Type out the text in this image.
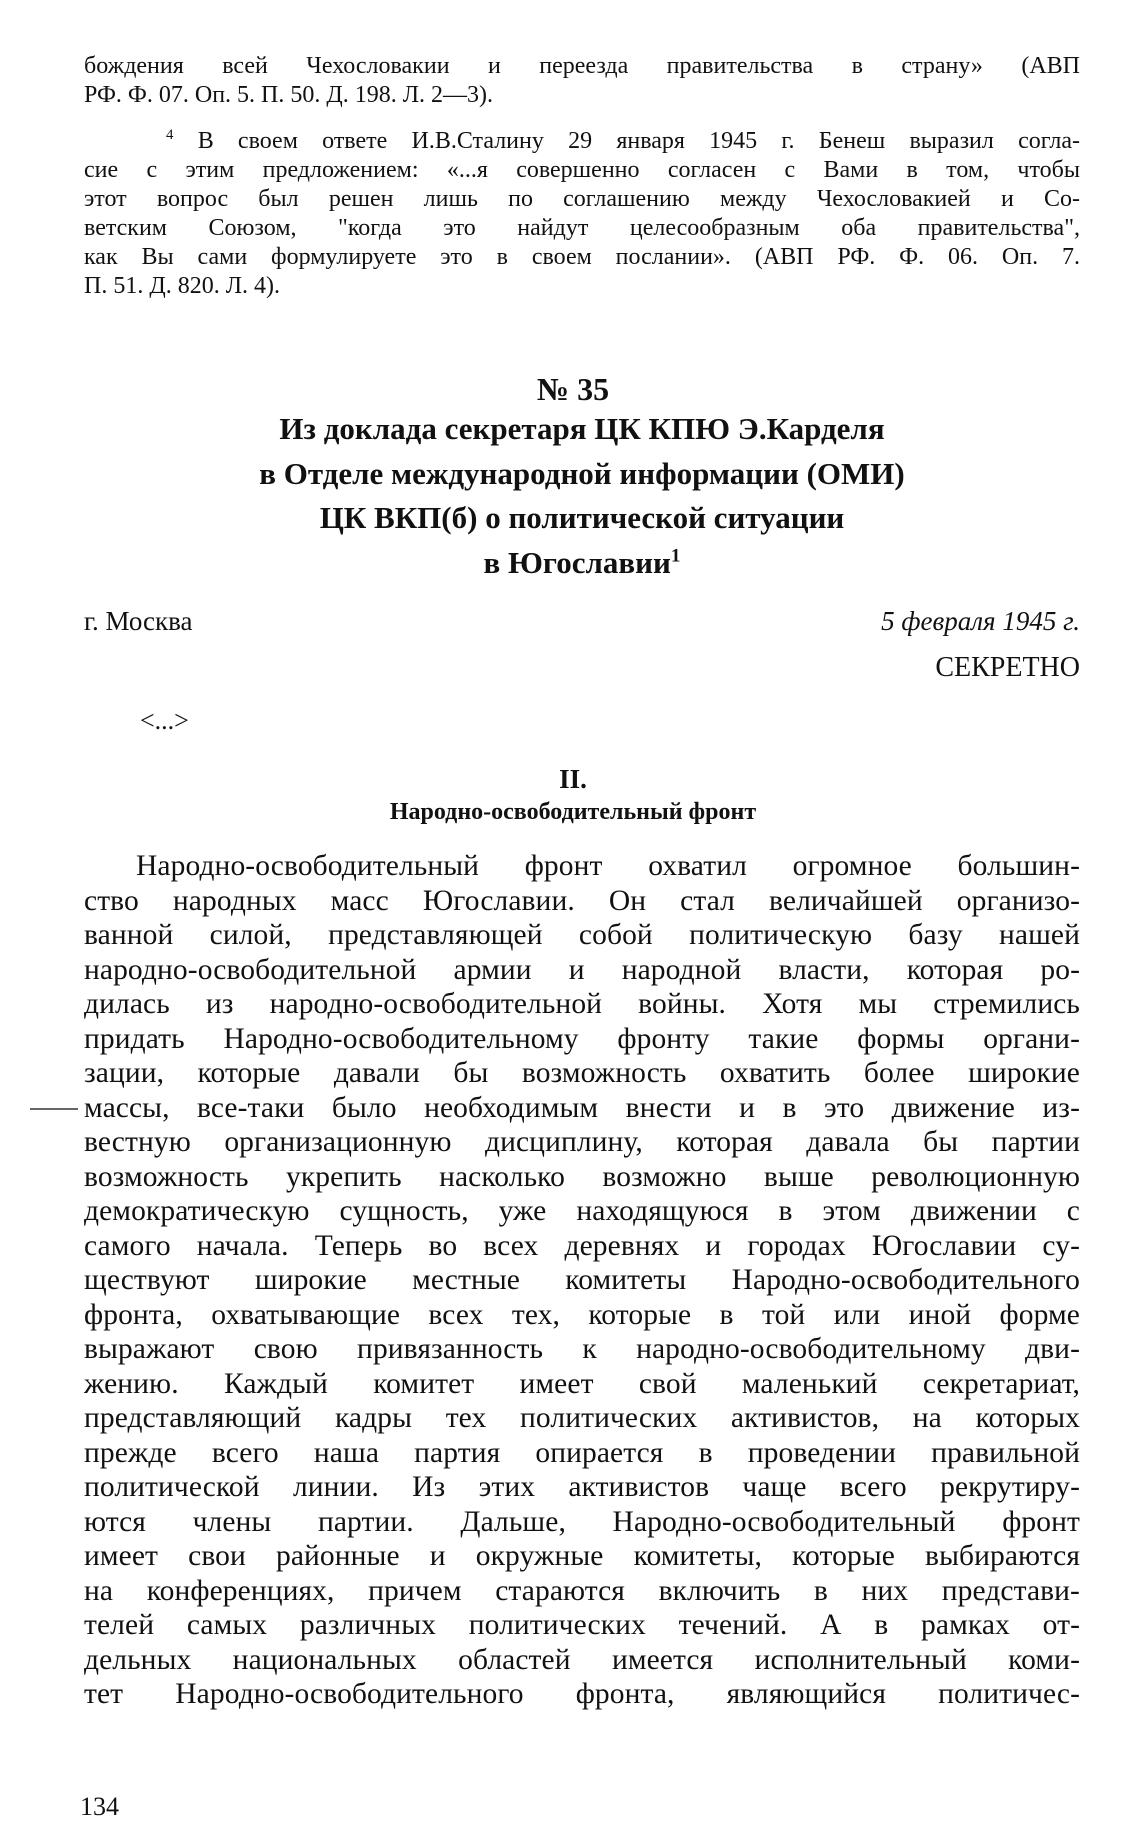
бождения всей Чехословакии и переезда правительства в страну» (АВП

РФ. Ф. 07. Оп. 5. П. 50. Д. 198. Л. 2—3).

$^4$ В своем ответе И.В.Сталину 29 января 1945 г. Бенеш выразил согла-

сие с этим предложением: «...я совершенно согласен с Вами в том, чтобы

этот вопрос был решен лишь по соглашению между Чехословакией и Со-

ветским Союзом, "когда это найдут целесообразным оба правительства",

как Вы сами формулируете это в своем послании». (АВП РФ. Ф. 06. Оп. 7.

П. 51. Д. 820. Л. 4).

№ 35
Из доклада секретаря ЦК КПЮ Э.Карделя
в Отделе международной информации (ОМИ)
ЦК ВКП(б) о политической ситуации
в Югославии$^1$
г. Москва	5 февраля 1945 г.
СЕКРЕТНО
<...>
II.
Народно-освободительный фронт

Народно-освободительный фронт охватил огромное большин-

ство народных масс Югославии. Он стал величайшей организо-

ванной силой, представляющей собой политическую базу нашей

народно-освободительной армии и народной власти, которая ро-

дилась из народно-освободительной войны. Хотя мы стремились

придать Народно-освободительному фронту такие формы органи-

зации, которые давали бы возможность охватить более широкие

массы, все-таки было необходимым внести и в это движение из-

вестную организационную дисциплину, которая давала бы партии

возможность укрепить насколько возможно выше революционную

демократическую сущность, уже находящуюся в этом движении с

самого начала. Теперь во всех деревнях и городах Югославии су-

ществуют широкие местные комитеты Народно-освободительного

фронта, охватывающие всех тех, которые в той или иной форме

выражают свою привязанность к народно-освободительному дви-

жению. Каждый комитет имеет свой маленький секретариат,

представляющий кадры тех политических активистов, на которых

прежде всего наша партия опирается в проведении правильной

политической линии. Из этих активистов чаще всего рекрутиру-

ются члены партии. Дальше, Народно-освободительный фронт

имеет свои районные и окружные комитеты, которые выбираются

на конференциях, причем стараются включить в них представи-

телей самых различных политических течений. А в рамках от-

дельных национальных областей имеется исполнительный коми-

тет Народно-освободительного фронта, являющийся политичес-

134
